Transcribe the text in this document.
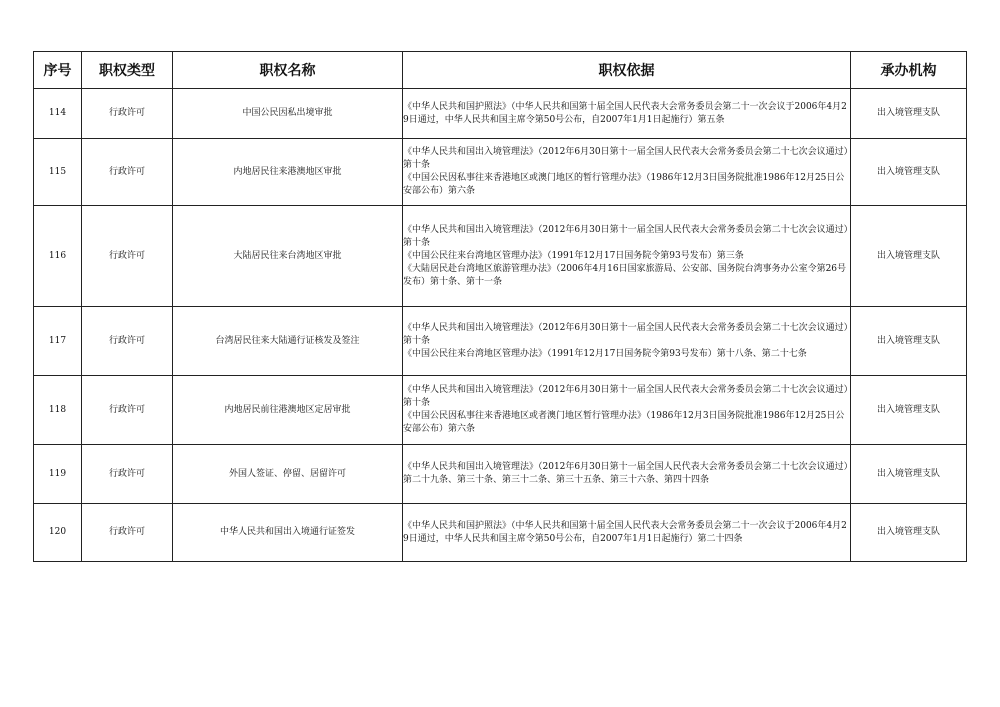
序号	职权类型	职权名称	职权依据	承办机构
114	行政许可	中国公民因私出境审批	《中华人民共和国护照法》（中华人民共和国第十届全国人民代表大会常务委员会第二十一次会议于2006年4月29日通过，中华人民共和国主席令第50号公布，自2007年1月1日起施行）第五条	出入境管理支队
115	行政许可	内地居民往来港澳地区审批	《中华人民共和国出入境管理法》（2012年6月30日第十一届全国人民代表大会常务委员会第二十七次会议通过）第十条
《中国公民因私事往来香港地区或澳门地区的暂行管理办法》（1986年12月3日国务院批准1986年12月25日公安部公布）第六条	出入境管理支队
116	行政许可	大陆居民往来台湾地区审批	《中华人民共和国出入境管理法》（2012年6月30日第十一届全国人民代表大会常务委员会第二十七次会议通过）第十条
《中国公民往来台湾地区管理办法》（1991年12月17日国务院令第93号发布）第三条
《大陆居民赴台湾地区旅游管理办法》（2006年4月16日国家旅游局、公安部、国务院台湾事务办公室令第26号发布）第十条、第十一条	出入境管理支队
117	行政许可	台湾居民往来大陆通行证核发及签注	《中华人民共和国出入境管理法》（2012年6月30日第十一届全国人民代表大会常务委员会第二十七次会议通过）第十条
《中国公民往来台湾地区管理办法》（1991年12月17日国务院令第93号发布）第十八条、第二十七条	出入境管理支队
118	行政许可	内地居民前往港澳地区定居审批	《中华人民共和国出入境管理法》（2012年6月30日第十一届全国人民代表大会常务委员会第二十七次会议通过）第十条
《中国公民因私事往来香港地区或者澳门地区暂行管理办法》（1986年12月3日国务院批准1986年12月25日公安部公布）第六条	出入境管理支队
119	行政许可	外国人签证、停留、居留许可	《中华人民共和国出入境管理法》（2012年6月30日第十一届全国人民代表大会常务委员会第二十七次会议通过）第二十九条、第三十条、第三十二条、第三十五条、第三十六条、第四十四条	出入境管理支队
120	行政许可	中华人民共和国出入境通行证签发	《中华人民共和国护照法》（中华人民共和国第十届全国人民代表大会常务委员会第二十一次会议于2006年4月29日通过，中华人民共和国主席令第50号公布，自2007年1月1日起施行）第二十四条	出入境管理支队
